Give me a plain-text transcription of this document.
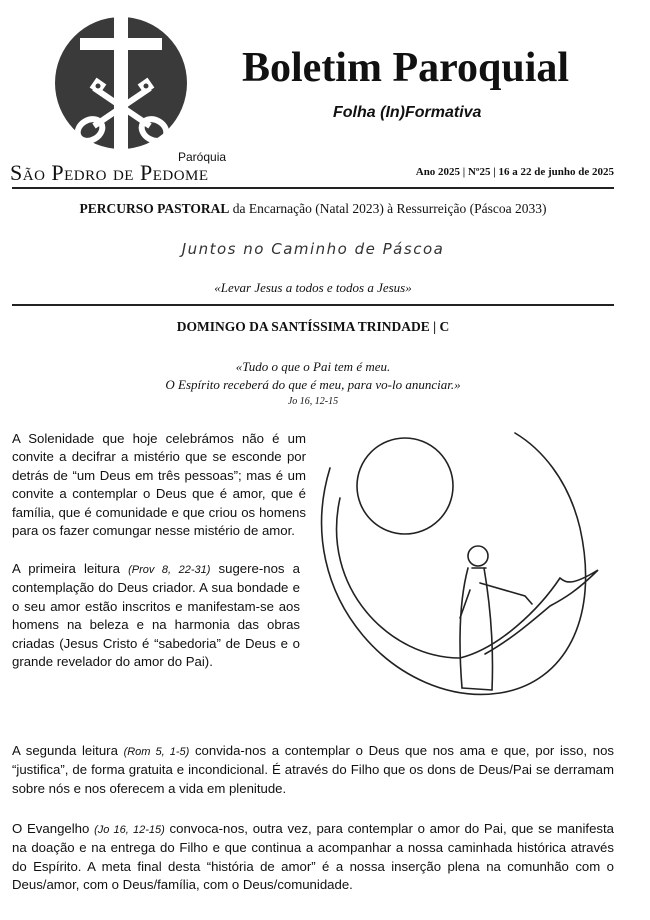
Paróquia
São Pedro de Pedome
Boletim Paroquial
Folha (In)Formativa
Ano 2025 | Nº25 | 16 a 22 de junho de 2025
PERCURSO PASTORAL da Encarnação (Natal 2023) à Ressurreição (Páscoa 2033)
Juntos no Caminho de Páscoa
«Levar Jesus a todos e todos a Jesus»
DOMINGO DA SANTÍSSIMA TRINDADE | C
«Tudo o que o Pai tem é meu.
O Espírito receberá do que é meu, para vo-lo anunciar.»
Jo 16, 12-15
A Solenidade que hoje celebrámos não é um convite a decifrar a mistério que se esconde por detrás de “um Deus em três pessoas”; mas é um convite a contemplar o Deus que é amor, que é família, que é comunidade e que criou os homens para os fazer comungar nesse mistério de amor.
A primeira leitura (Prov 8, 22-31) sugere-nos a contemplação do Deus criador. A sua bondade e o seu amor estão inscritos e manifestam-se aos homens na beleza e na harmonia das obras criadas (Jesus Cristo é “sabedoria” de Deus e o grande revelador do amor do Pai).
A segunda leitura (Rom 5, 1-5) convida-nos a contemplar o Deus que nos ama e que, por isso, nos “justifica”, de forma gratuita e incondicional. É através do Filho que os dons de Deus/Pai se derramam sobre nós e nos oferecem a vida em plenitude.
O Evangelho (Jo 16, 12-15) convoca-nos, outra vez, para contemplar o amor do Pai, que se manifesta na doação e na entrega do Filho e que continua a acompanhar a nossa caminhada histórica através do Espírito. A meta final desta “história de amor” é a nossa inserção plena na comunhão com o Deus/amor, com o Deus/família, com o Deus/comunidade.
